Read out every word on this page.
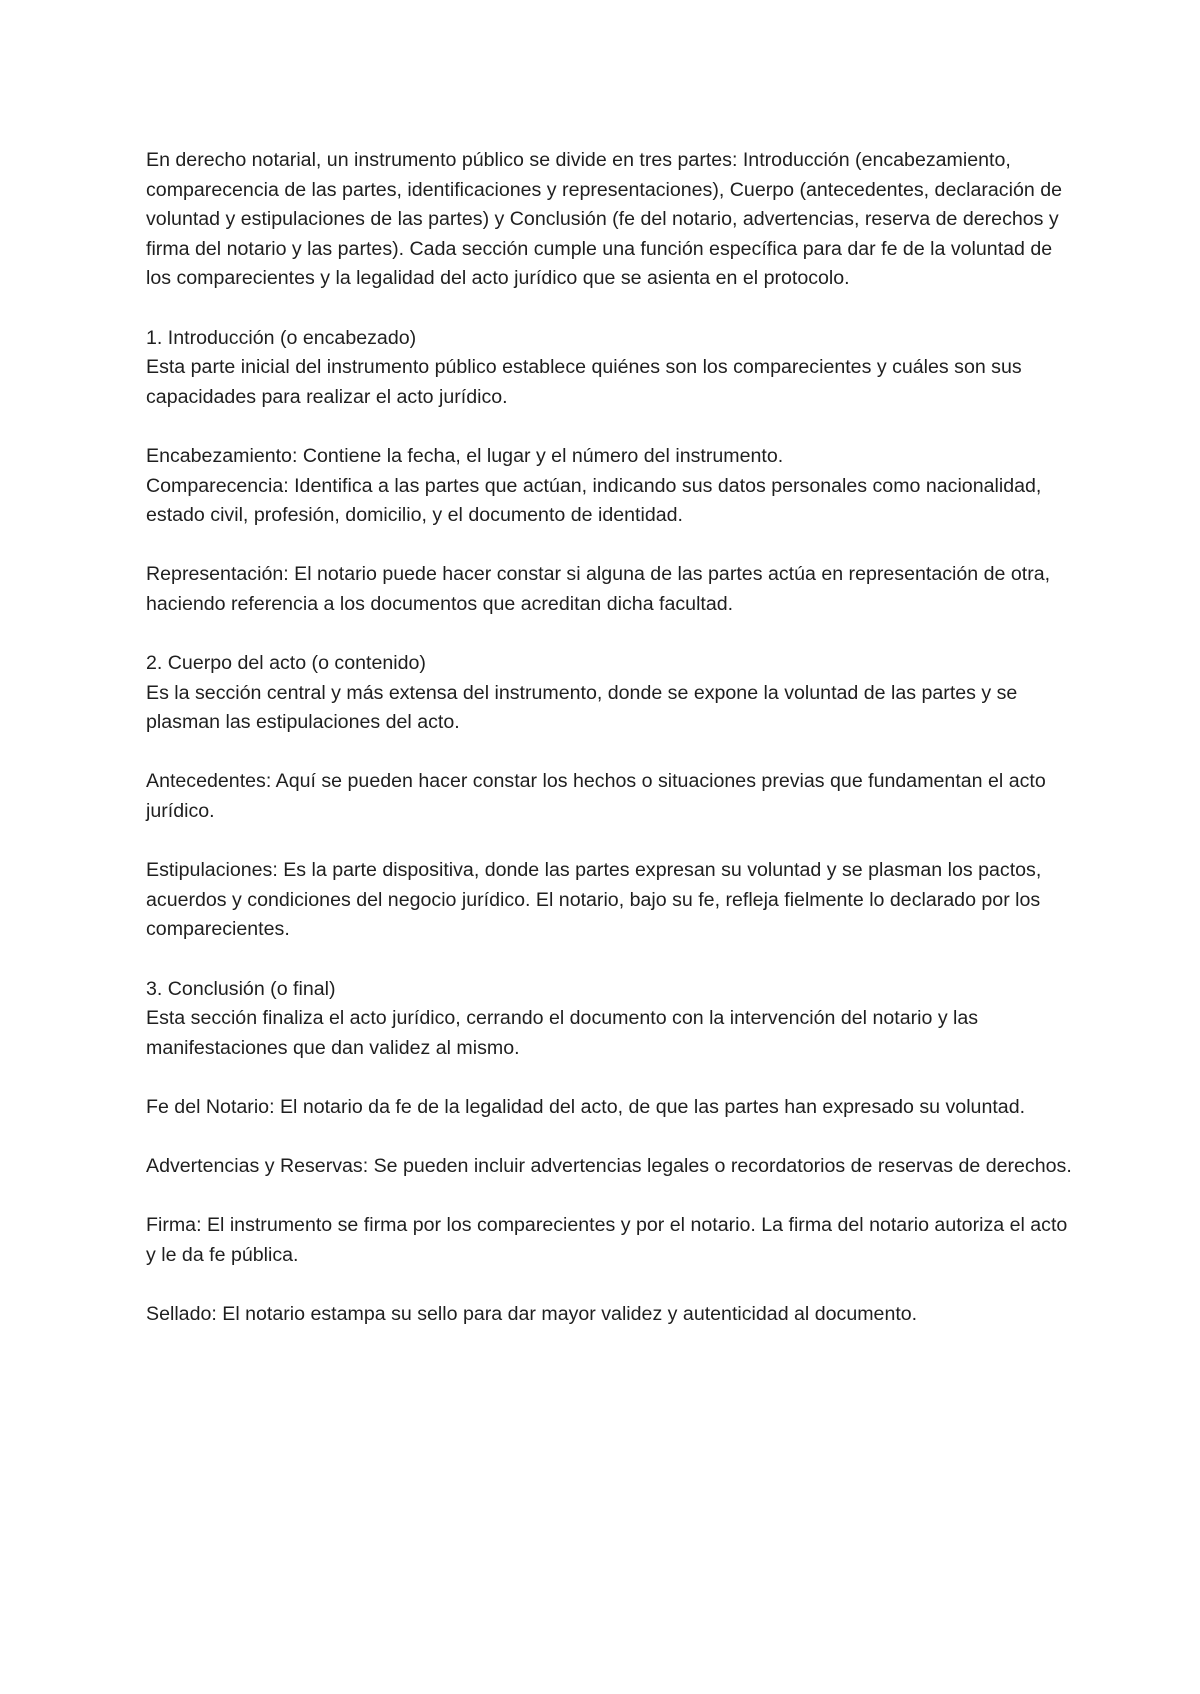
En derecho notarial, un instrumento público se divide en tres partes: Introducción (encabezamiento, comparecencia de las partes, identificaciones y representaciones), Cuerpo (antecedentes, declaración de voluntad y estipulaciones de las partes) y Conclusión (fe del notario, advertencias, reserva de derechos y firma del notario y las partes). Cada sección cumple una función específica para dar fe de la voluntad de los comparecientes y la legalidad del acto jurídico que se asienta en el protocolo.

1. Introducción (o encabezado)

Esta parte inicial del instrumento público establece quiénes son los comparecientes y cuáles son sus capacidades para realizar el acto jurídico.

Encabezamiento: Contiene la fecha, el lugar y el número del instrumento.

Comparecencia: Identifica a las partes que actúan, indicando sus datos personales como nacionalidad, estado civil, profesión, domicilio, y el documento de identidad.

Representación: El notario puede hacer constar si alguna de las partes actúa en representación de otra, haciendo referencia a los documentos que acreditan dicha facultad.

2. Cuerpo del acto (o contenido)

Es la sección central y más extensa del instrumento, donde se expone la voluntad de las partes y se plasman las estipulaciones del acto.

Antecedentes: Aquí se pueden hacer constar los hechos o situaciones previas que fundamentan el acto jurídico.

Estipulaciones: Es la parte dispositiva, donde las partes expresan su voluntad y se plasman los pactos, acuerdos y condiciones del negocio jurídico. El notario, bajo su fe, refleja fielmente lo declarado por los comparecientes.

3. Conclusión (o final)

Esta sección finaliza el acto jurídico, cerrando el documento con la intervención del notario y las manifestaciones que dan validez al mismo.

Fe del Notario: El notario da fe de la legalidad del acto, de que las partes han expresado su voluntad.

Advertencias y Reservas: Se pueden incluir advertencias legales o recordatorios de reservas de derechos.

Firma: El instrumento se firma por los comparecientes y por el notario. La firma del notario autoriza el acto y le da fe pública.

Sellado: El notario estampa su sello para dar mayor validez y autenticidad al documento.
